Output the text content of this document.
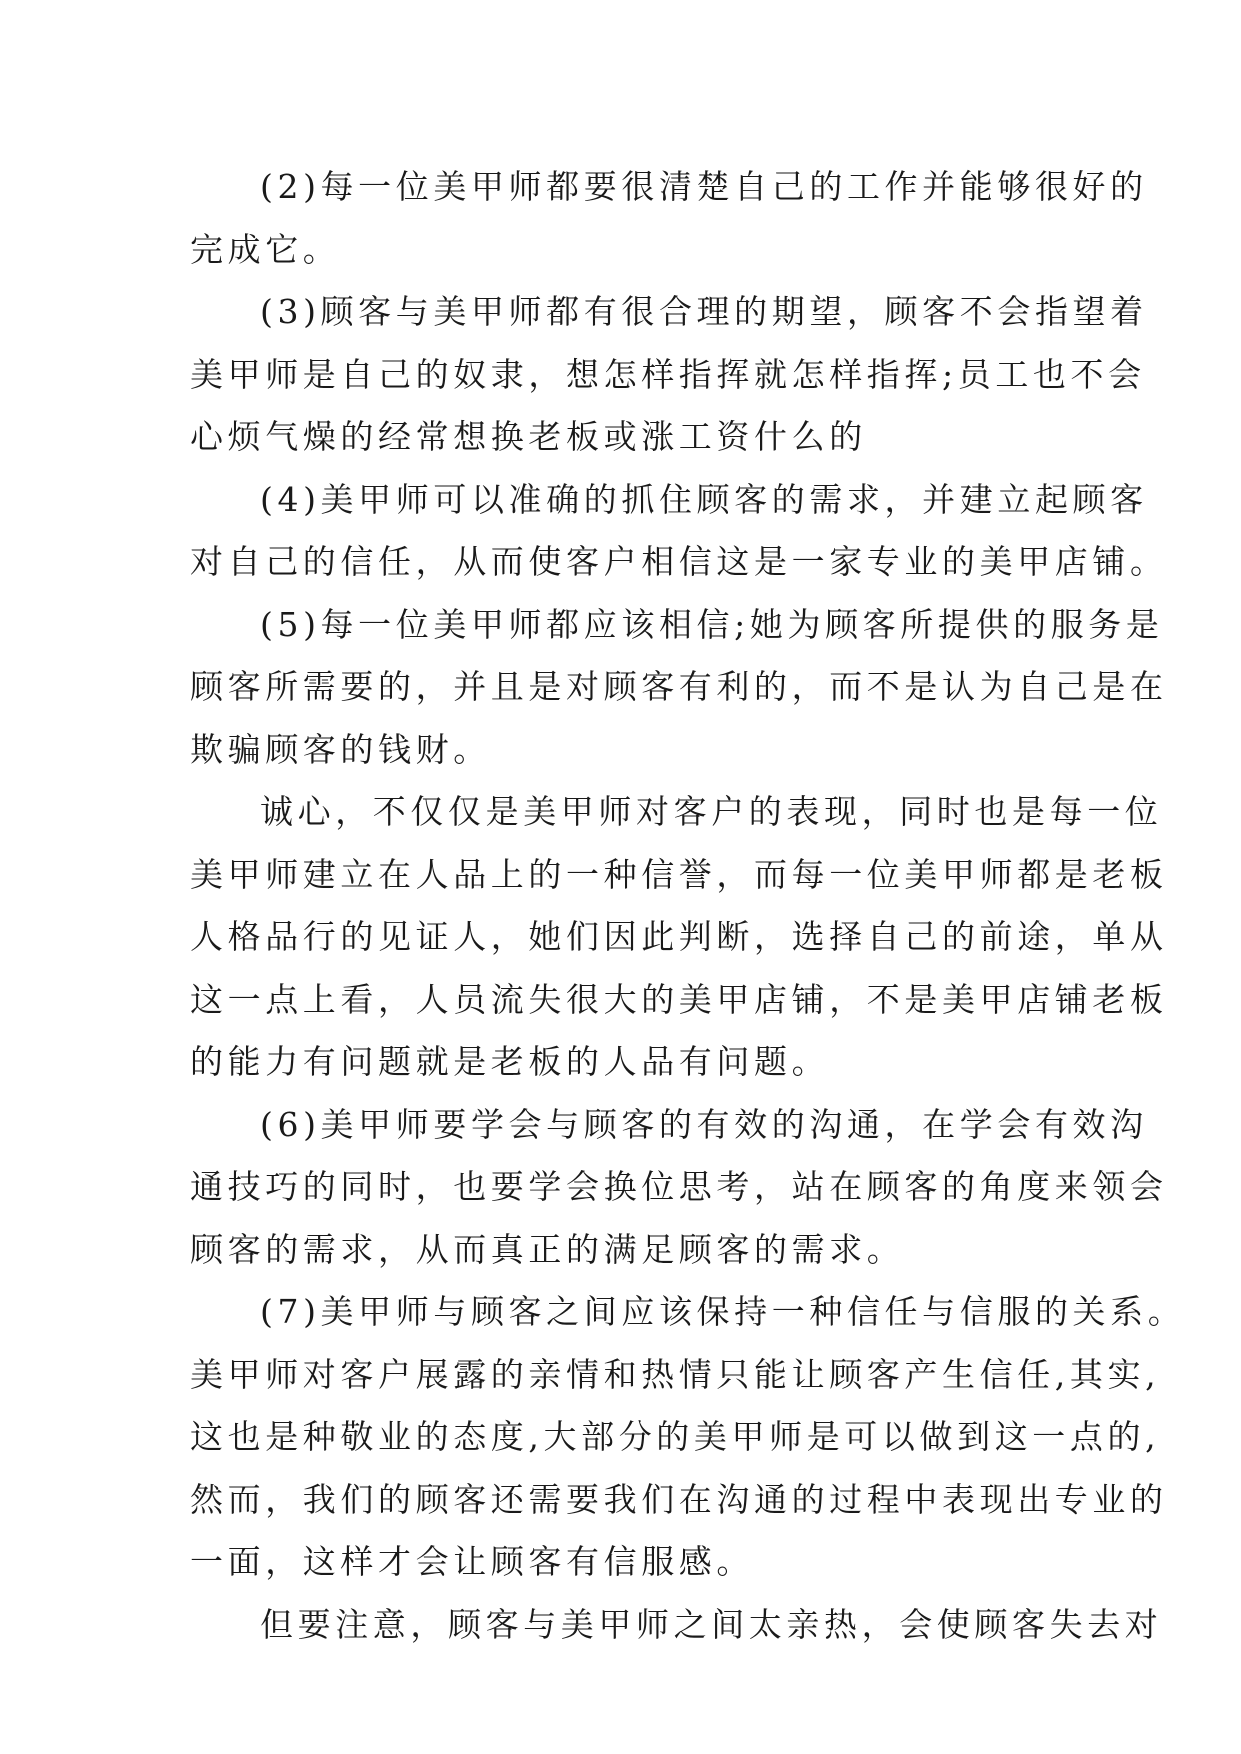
(2)每一位美甲师都要很清楚自己的工作并能够很好的
完成它。
(3)顾客与美甲师都有很合理的期望，顾客不会指望着
美甲师是自己的奴隶，想怎样指挥就怎样指挥;员工也不会
心烦气燥的经常想换老板或涨工资什么的
(4)美甲师可以准确的抓住顾客的需求，并建立起顾客
对自己的信任，从而使客户相信这是一家专业的美甲店铺。
(5)每一位美甲师都应该相信;她为顾客所提供的服务是
顾客所需要的，并且是对顾客有利的，而不是认为自己是在
欺骗顾客的钱财。
诚心，不仅仅是美甲师对客户的表现，同时也是每一位
美甲师建立在人品上的一种信誉，而每一位美甲师都是老板
人格品行的见证人，她们因此判断，选择自己的前途，单从
这一点上看，人员流失很大的美甲店铺，不是美甲店铺老板
的能力有问题就是老板的人品有问题。
(6)美甲师要学会与顾客的有效的沟通，在学会有效沟
通技巧的同时，也要学会换位思考，站在顾客的角度来领会
顾客的需求，从而真正的满足顾客的需求。
(7)美甲师与顾客之间应该保持一种信任与信服的关系。
美甲师对客户展露的亲情和热情只能让顾客产生信任,其实,
这也是种敬业的态度,大部分的美甲师是可以做到这一点的,
然而，我们的顾客还需要我们在沟通的过程中表现出专业的
一面，这样才会让顾客有信服感。
但要注意，顾客与美甲师之间太亲热，会使顾客失去对
